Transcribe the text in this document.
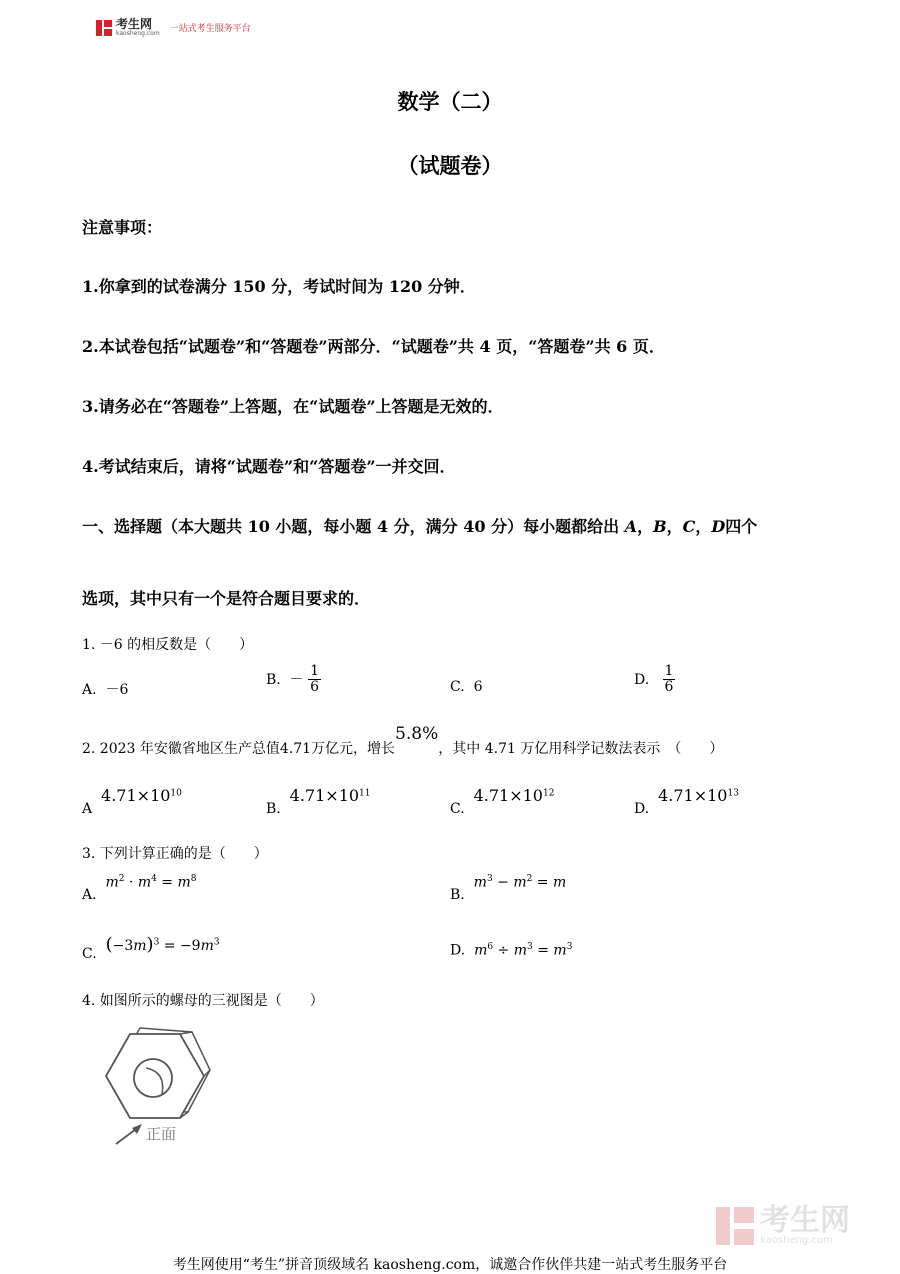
考生网
kaosheng.com 一站式考生服务平台
数学（二）
（试题卷）
注意事项：
1.你拿到的试卷满分 150 分，考试时间为 120 分钟．
2.本试卷包括“试题卷”和“答题卷”两部分．“试题卷”共 4 页，“答题卷”共 6 页．
3.请务必在“答题卷”上答题，在“试题卷”上答题是无效的．
4.考试结束后，请将“试题卷”和“答题卷”一并交回．
一、选择题（本大题共 10 小题，每小题 4 分，满分 40 分）每小题都给出 A，B，C，D四个
选项，其中只有一个是符合题目要求的．
1. －6 的相反数是（　　）
A. －6
B. － $\frac{1}{6}$	C. 6	D. $\frac{1}{6}$
2. 2023 年安徽省地区生产总值4.71万亿元，增长5.8%，其中 4.71 万亿用科学记数法表示　（　　）
A  $4.71\times 10^{10}$
B.  $4.71\times 10^{11}$
C.  $4.71\times 10^{12}$
D.  $4.71\times 10^{13}$
3. 下列计算正确的是（　　）
A.  $m^2 \cdot m^4 = m^8$
B.  $m^3 - m^2 = m$
C. $(-3m)^3 = -9m^3$
D. $m^6 \div m^3 = m^3$
4. 如图所示的螺母的三视图是（　　）
正面
考生网
kaosheng.com
考生网使用“考生”拼音顶级域名 kaosheng.com，诚邀合作伙伴共建一站式考生服务平台
